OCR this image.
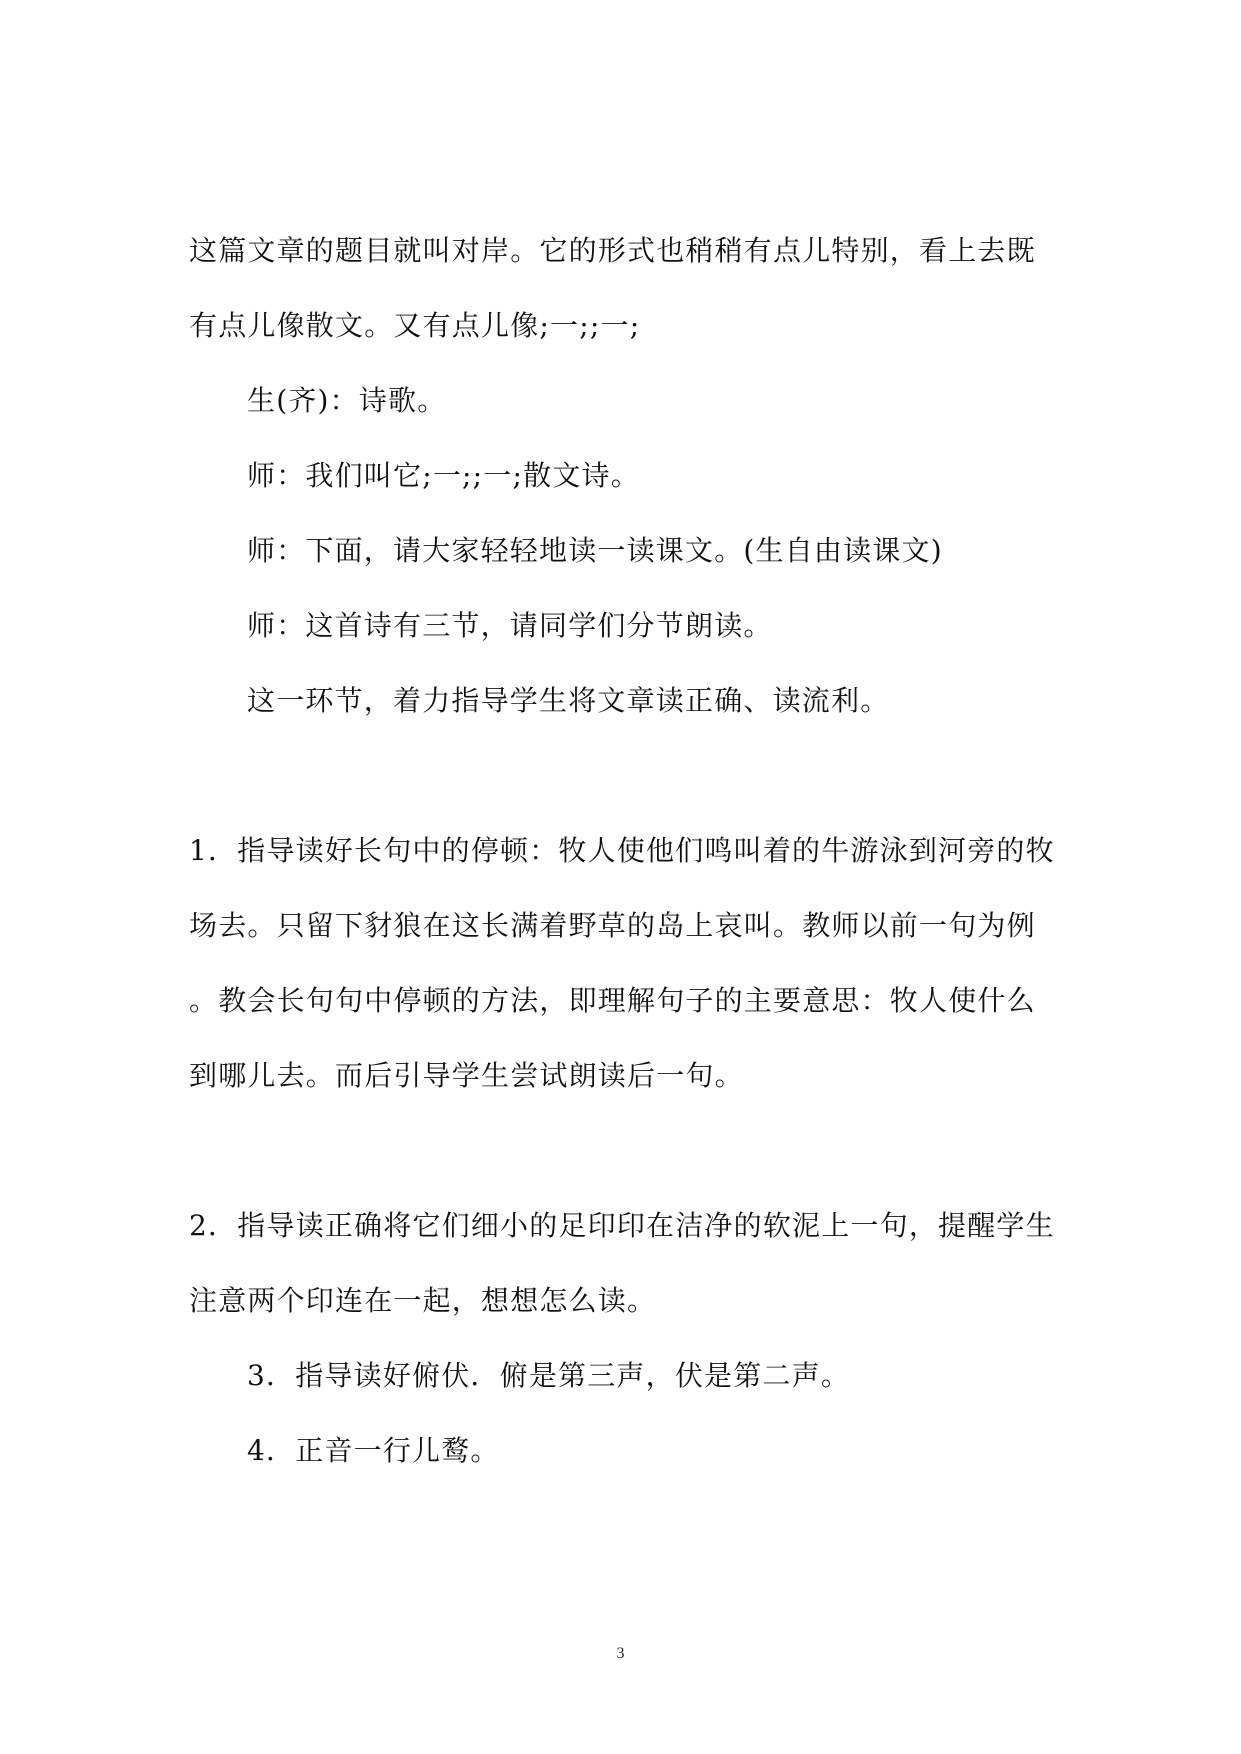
这篇文章的题目就叫对岸。它的形式也稍稍有点儿特别，看上去既
有点儿像散文。又有点儿像;一;;一;
生(齐)：诗歌。
师：我们叫它;一;;一;散文诗。
师：下面，请大家轻轻地读一读课文。(生自由读课文)
师：这首诗有三节，请同学们分节朗读。
这一环节，着力指导学生将文章读正确、读流利。
1．指导读好长句中的停顿：牧人使他们鸣叫着的牛游泳到河旁的牧
场去。只留下豺狼在这长满着野草的岛上哀叫。教师以前一句为例
。教会长句句中停顿的方法，即理解句子的主要意思：牧人使什么
到哪儿去。而后引导学生尝试朗读后一句。
2．指导读正确将它们细小的足印印在洁净的软泥上一句，提醒学生
注意两个印连在一起，想想怎么读。
3．指导读好俯伏．俯是第三声，伏是第二声。
4．正音一行儿鹜。
3
